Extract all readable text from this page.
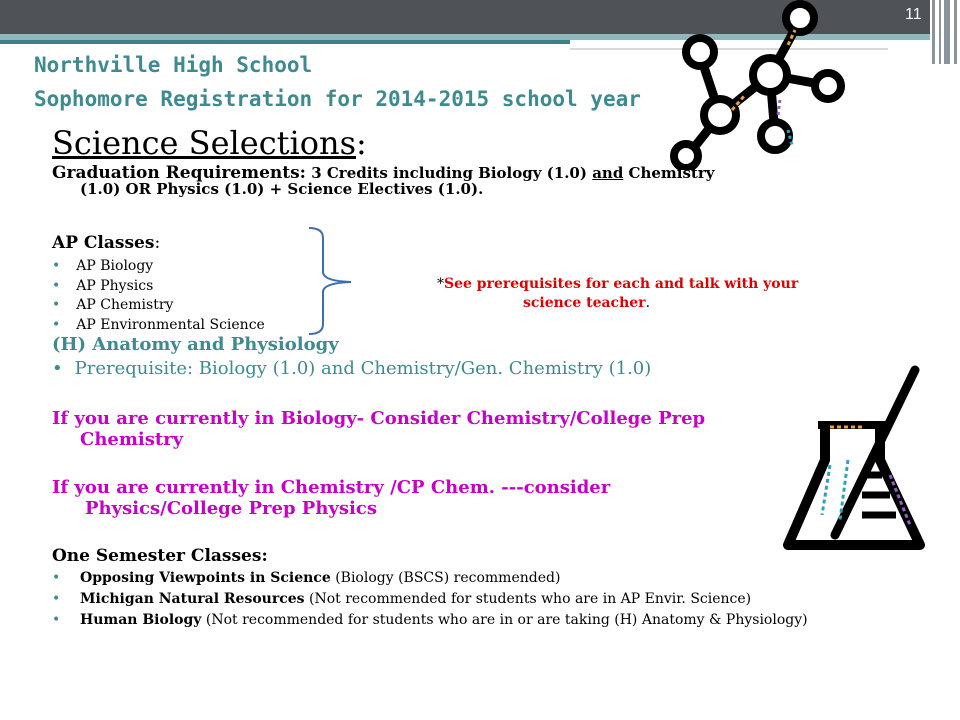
11
Northville High School
Sophomore Registration for 2014-2015 school year
Science Selections:
Graduation Requirements: 3 Credits including Biology (1.0) and Chemistry
(1.0) OR Physics (1.0) + Science Electives (1.0).
AP Classes:
• AP Biology
• AP Physics
• AP Chemistry
• AP Environmental Science
*See prerequisites for each and talk with your
science teacher.
(H) Anatomy and Physiology
• Prerequisite: Biology (1.0) and Chemistry/Gen. Chemistry (1.0)
If you are currently in Biology- Consider Chemistry/College Prep
Chemistry
If you are currently in Chemistry /CP Chem. ---consider
Physics/College Prep Physics
One Semester Classes:
• Opposing Viewpoints in Science (Biology (BSCS) recommended)
• Michigan Natural Resources (Not recommended for students who are in AP Envir. Science)
• Human Biology (Not recommended for students who are in or are taking (H) Anatomy & Physiology)
